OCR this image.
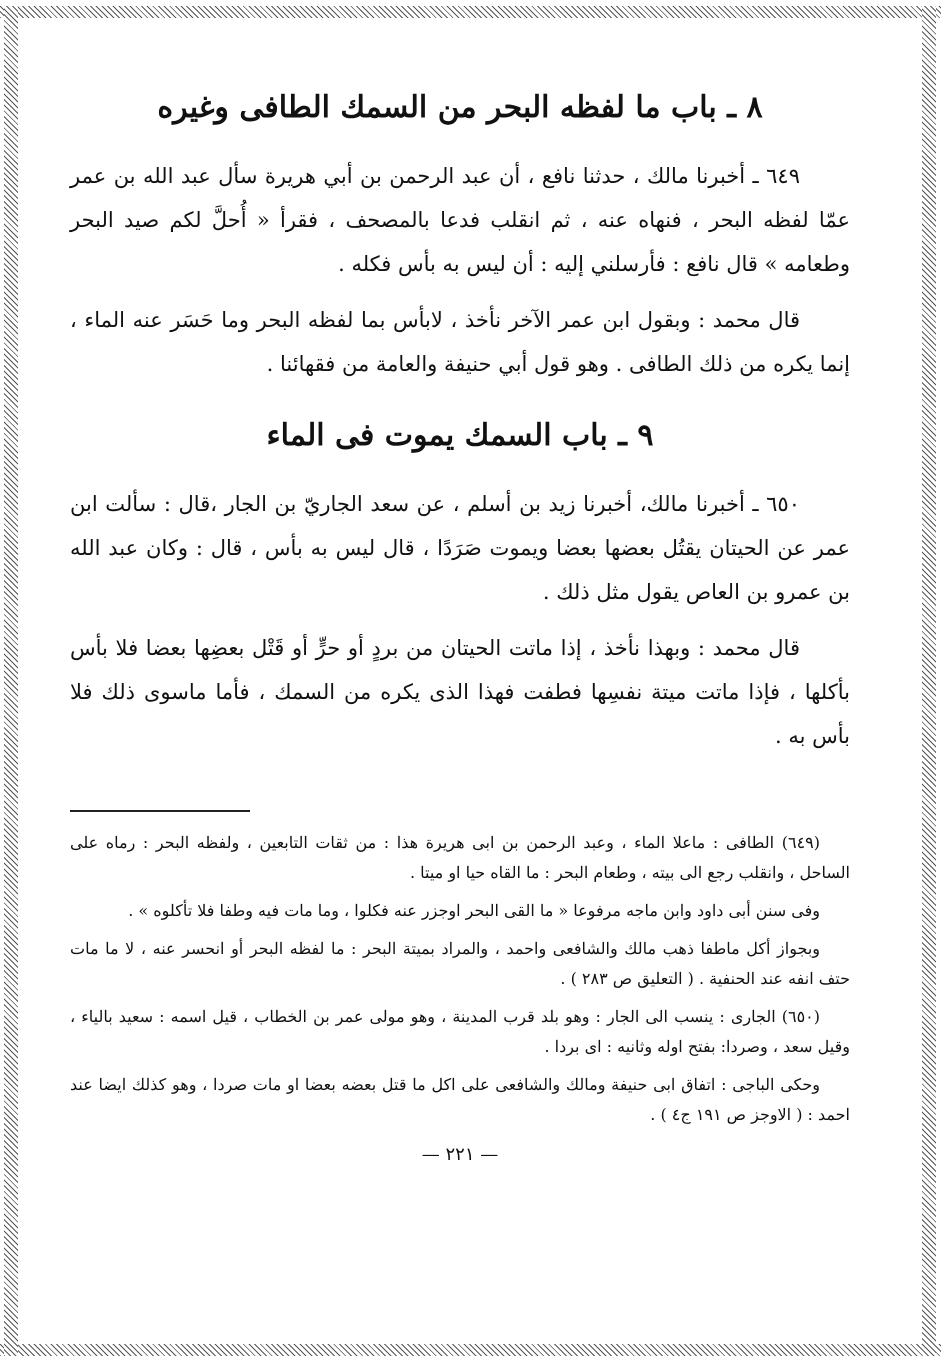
٨ ـ باب ما لفظه البحر من السمك الطافى وغيره

٦٤٩ ـ أخبرنا مالك ، حدثنا نافع ، أن عبد الرحمن بن أبي هريرة سأل عبد الله بن عمر عمّا لفظه البحر ، فنهاه عنه ، ثم انقلب فدعا بالمصحف ، فقرأ « أُحلَّ لكم صيد البحر وطعامه » قال نافع : فأرسلني إليه : أن ليس به بأس فكله .

قال محمد : وبقول ابن عمر الآخر نأخذ ، لابأس بما لفظه البحر وما حَسَر عنه الماء ، إنما يكره من ذلك الطافى . وهو قول أبي حنيفة والعامة من فقهائنا .

٩ ـ باب السمك يموت فى الماء

٦٥٠ ـ أخبرنا مالك، أخبرنا زيد بن أسلم ، عن سعد الجاريّ بن الجار ،قال : سألت ابن عمر عن الحيتان يقتُل بعضها بعضا ويموت صَرَدًا ، قال ليس به بأس ، قال : وكان عبد الله بن عمرو بن العاص يقول مثل ذلك .

قال محمد : وبهذا نأخذ ، إذا ماتت الحيتان من بردٍ أو حرٍّ أو قَتْل بعضِها بعضا فلا بأس بأكلها ، فإذا ماتت ميتة نفسِها فطفت فهذا الذى يكره من السمك ، فأما ماسوى ذلك فلا بأس به .

(٦٤٩) الطافى : ماعلا الماء ، وعبد الرحمن بن ابى هريرة هذا : من ثقات التابعين ، ولفظه البحر : رماه على الساحل ، وانقلب رجع الى بيته ، وطعام البحر : ما القاه حيا او ميتا .

وفى سنن أبى داود وابن ماجه مرفوعا « ما القى البحر اوجزر عنه فكلوا ، وما مات فيه وطفا فلا تأكلوه » .

وبجواز أكل ماطفا ذهب مالك والشافعى واحمد ، والمراد بميتة البحر : ما لفظه البحر أو انحسر عنه ، لا ما مات حتف انفه عند الحنفية . ( التعليق ص ٢٨٣ ) .

(٦٥٠) الجارى : ينسب الى الجار : وهو بلد قرب المدينة ، وهو مولى عمر بن الخطاب ، قيل اسمه : سعيد بالياء ، وقيل سعد ، وصردا: بفتح اوله وثانيه : اى بردا .

وحكى الباجى : اتفاق ابى حنيفة ومالك والشافعى على اكل ما قتل بعضه بعضا او مات صردا ، وهو كذلك ايضا عند احمد : ( الاوجز ص ١٩١ ج٤ ) .

— ٢٢١ —
